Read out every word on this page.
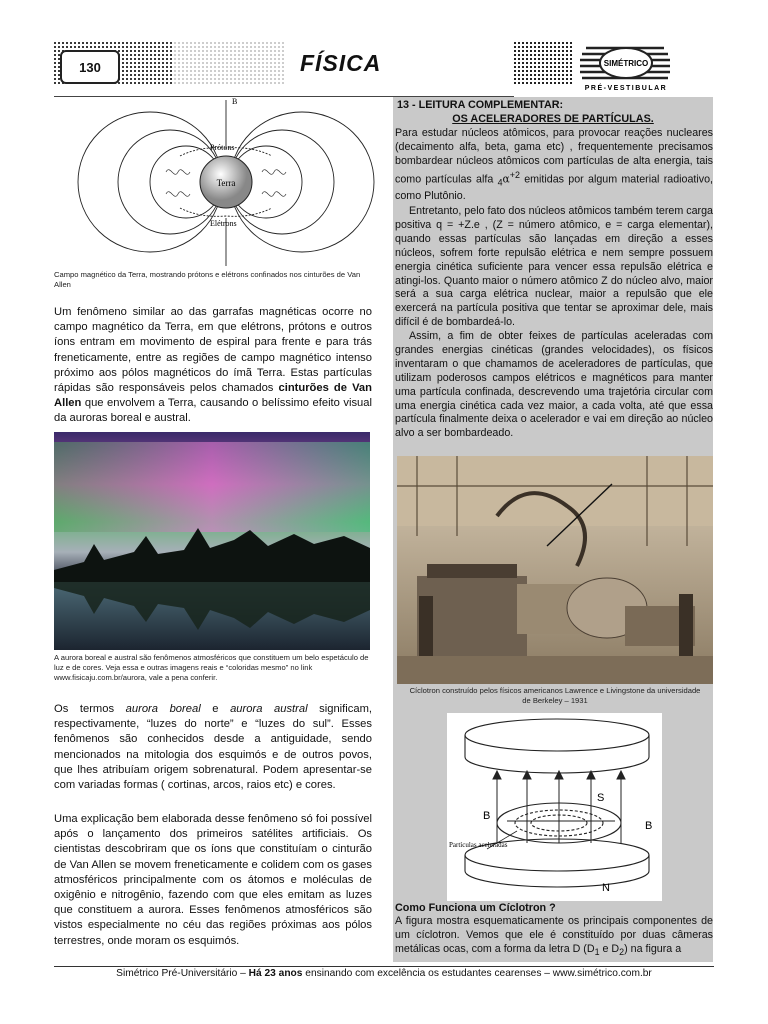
130	FÍSICA	SIMÉTRICO
PRÉ-VESTIBULAR
Terra
B
Prótons
Elétrons
Campo magnético da Terra, mostrando prótons e elétrons confinados nos cinturões de Van Allen
Um fenômeno similar ao das garrafas magnéticas ocorre no campo magnético da Terra, em que elétrons, prótons e outros íons entram em movimento de espiral para frente e para trás freneticamente, entre as regiões de campo magnético intenso próximo aos pólos magnéticos do ímã Terra. Estas partículas rápidas são responsáveis pelos chamados cinturões de Van Allen que envolvem a Terra, causando o belíssimo efeito visual da auroras boreal e austral.
A aurora boreal e austral são fenômenos atmosféricos que constituem um belo espetáculo de luz e de cores. Veja essa e outras imagens reais e “coloridas mesmo” no link www.fisicaju.com.br/aurora, vale a pena conferir.
Os termos aurora boreal e aurora austral significam, respectivamente, “luzes do norte” e “luzes do sul”. Esses fenômenos são conhecidos desde a antiguidade, sendo mencionados na mitologia dos esquimós e de outros povos, que lhes atribuíam origem sobrenatural. Podem apresentar-se com variadas formas ( cortinas, arcos, raios etc) e cores.
Uma explicação bem elaborada desse fenômeno só foi possível após o lançamento dos primeiros satélites artificiais. Os cientistas descobriram que os íons que constituíam o cinturão de Van Allen se movem freneticamente e colidem com os gases atmosféricos principalmente com os átomos e moléculas de oxigênio e nitrogênio, fazendo com que eles emitam as luzes que constituem a aurora. Esses fenômenos atmosféricos são vistos especialmente no céu das regiões próximas aos pólos terrestres, onde moram os esquimós.
13 - LEITURA COMPLEMENTAR:
OS ACELERADORES DE PARTÍCULAS.
Para estudar núcleos atômicos, para provocar reações nucleares (decaimento alfa, beta, gama etc) , frequentemente precisamos bombardear núcleos atômicos com partículas de alta energia, tais como partículas alfa $_4\alpha^{+2}$ emitidas por algum material radioativo, como Plutônio.
Entretanto, pelo fato dos núcleos atômicos também terem carga positiva q = +Z.e , (Z = número atômico, e = carga elementar), quando essas partículas são lançadas em direção a esses núcleos, sofrem forte repulsão elétrica e nem sempre possuem energia cinética suficiente para vencer essa repulsão elétrica e atingi-los. Quanto maior o número atômico Z do núcleo alvo, maior será a sua carga elétrica nuclear, maior a repulsão que ele exercerá na partícula positiva que tentar se aproximar dele, mais difícil é de bombardeá-lo.
Assim, a fim de obter feixes de partículas aceleradas com grandes energias cinéticas (grandes velocidades), os físicos inventaram o que chamamos de aceleradores de partículas, que utilizam poderosos campos elétricos e magnéticos para manter uma partícula confinada, descrevendo uma trajetória circular com uma energia cinética cada vez maior, a cada volta, até que essa partícula finalmente deixa o acelerador e vai em direção ao núcleo alvo a ser bombardeado.
Cíclotron construído pelos físicos americanos Lawrence e Livingstone da universidade de Berkeley – 1931
S
N
B
B
Partículas aceleradas
Como Funciona um Cíclotron ?
A figura mostra esquematicamente os principais componentes de um cíclotron. Vemos que ele é constituído por duas câmeras metálicas ocas, com a forma da letra D ($D_1$ e $D_2$) na figura a
Simétrico Pré-Universitário – Há 23 anos ensinando com excelência os estudantes cearenses – www.simétrico.com.br
